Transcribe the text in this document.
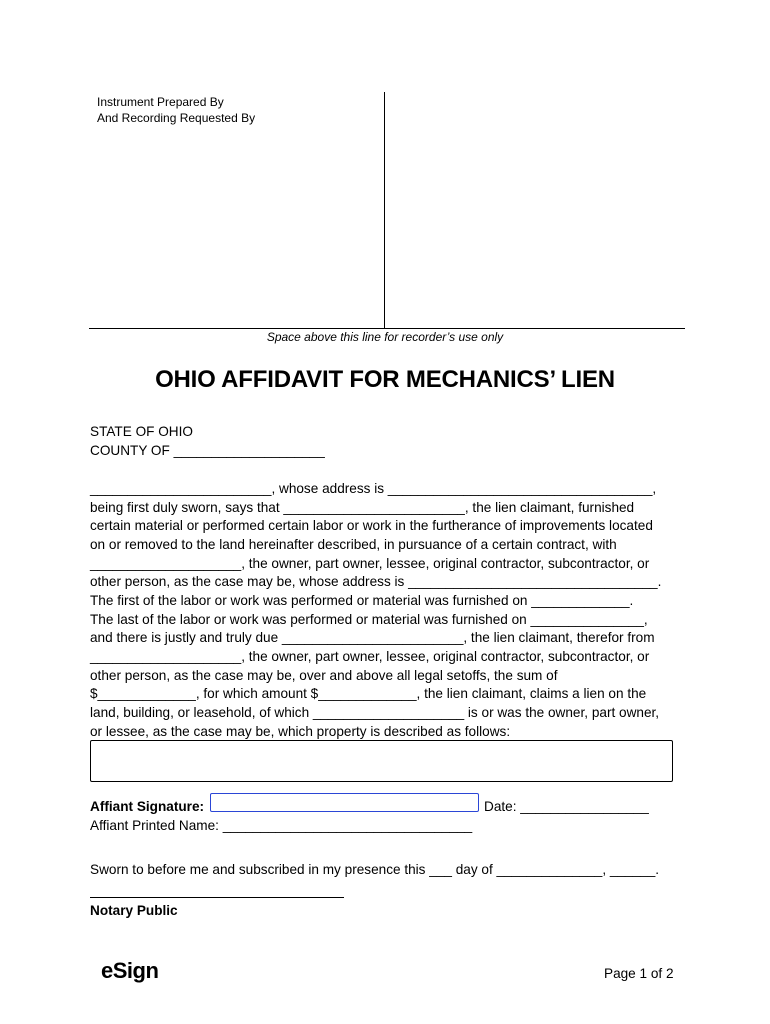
Instrument Prepared By
And Recording Requested By
Space above this line for recorder’s use only
OHIO AFFIDAVIT FOR MECHANICS’ LIEN
STATE OF OHIO
COUNTY OF ____________________
________________________, whose address is ___________________________________,
being first duly sworn, says that ________________________, the lien claimant, furnished
certain material or performed certain labor or work in the furtherance of improvements located
on or removed to the land hereinafter described, in pursuance of a certain contract, with
____________________, the owner, part owner, lessee, original contractor, subcontractor, or
other person, as the case may be, whose address is _________________________________.
The first of the labor or work was performed or material was furnished on _____________.
The last of the labor or work was performed or material was furnished on _______________,
and there is justly and truly due ________________________, the lien claimant, therefor from
____________________, the owner, part owner, lessee, original contractor, subcontractor, or
other person, as the case may be, over and above all legal setoffs, the sum of
$_____________, for which amount $_____________, the lien claimant, claims a lien on the
land, building, or leasehold, of which ____________________ is or was the owner, part owner,
or lessee, as the case may be, which property is described as follows:
Affiant Signature:	Date: _________________
Affiant Printed Name: _________________________________
Sworn to before me and subscribed in my presence this ___ day of ______________, ______.
Notary Public
eSign	Page 1 of 2
